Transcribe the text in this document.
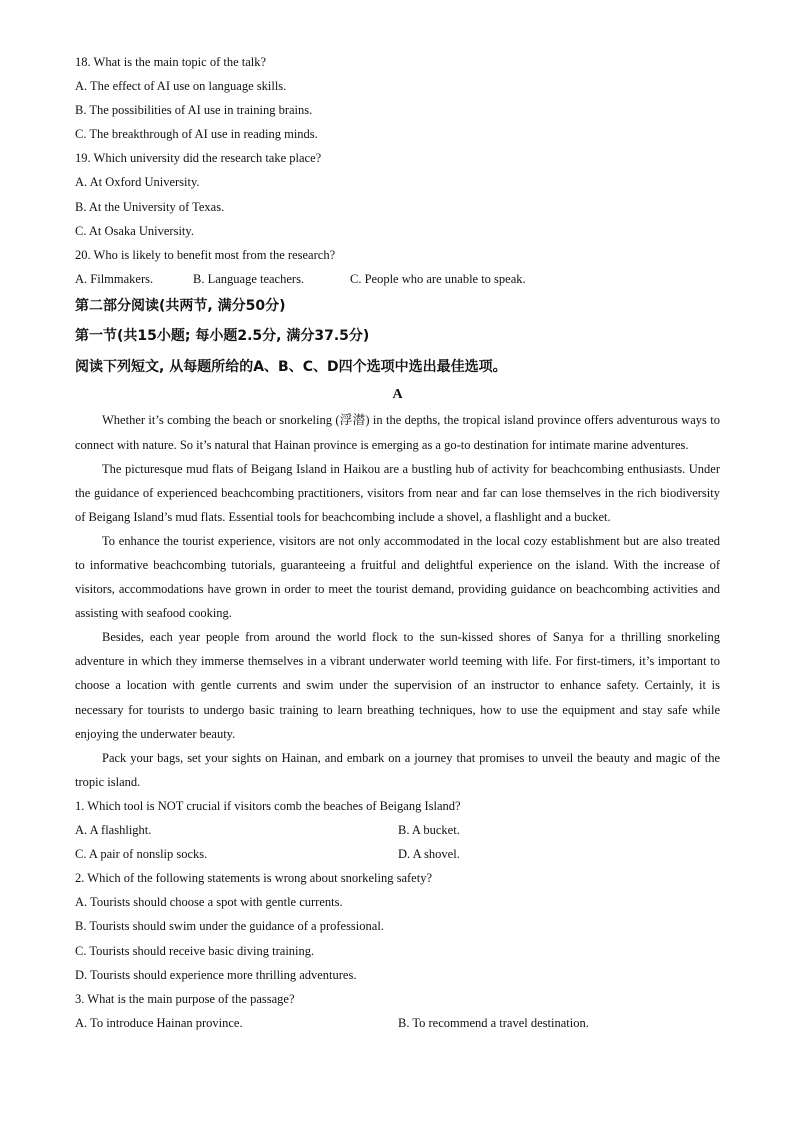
18. What is the main topic of the talk?
A. The effect of AI use on language skills.
B. The possibilities of AI use in training brains.
C. The breakthrough of AI use in reading minds.
19. Which university did the research take place?
A. At Oxford University.
B. At the University of Texas.
C. At Osaka University.
20. Who is likely to benefit most from the research?
A. Filmmakers.	B. Language teachers.	C. People who are unable to speak.
第二部分阅读(共两节, 满分50分)
第一节(共15小题; 每小题2.5分, 满分37.5分)
阅读下列短文, 从每题所给的A、B、C、D四个选项中选出最佳选项。
A

Whether it’s combing the beach or snorkeling (浮潜) in the depths, the tropical island province offers adventurous ways to connect with nature. So it’s natural that Hainan province is emerging as a go-to destination for intimate marine adventures.

The picturesque mud flats of Beigang Island in Haikou are a bustling hub of activity for beachcombing enthusiasts. Under the guidance of experienced beachcombing practitioners, visitors from near and far can lose themselves in the rich biodiversity of Beigang Island’s mud flats. Essential tools for beachcombing include a shovel, a flashlight and a bucket.

To enhance the tourist experience, visitors are not only accommodated in the local cozy establishment but are also treated to informative beachcombing tutorials, guaranteeing a fruitful and delightful experience on the island. With the increase of visitors, accommodations have grown in order to meet the tourist demand, providing guidance on beachcombing activities and assisting with seafood cooking.

Besides, each year people from around the world flock to the sun-kissed shores of Sanya for a thrilling snorkeling adventure in which they immerse themselves in a vibrant underwater world teeming with life. For first-timers, it’s important to choose a location with gentle currents and swim under the supervision of an instructor to enhance safety. Certainly, it is necessary for tourists to undergo basic training to learn breathing techniques, how to use the equipment and stay safe while enjoying the underwater beauty.

Pack your bags, set your sights on Hainan, and embark on a journey that promises to unveil the beauty and magic of the tropic island.

1. Which tool is NOT crucial if visitors comb the beaches of Beigang Island?
A. A flashlight.	B. A bucket.
C. A pair of nonslip socks.	D. A shovel.
2. Which of the following statements is wrong about snorkeling safety?
A. Tourists should choose a spot with gentle currents.
B. Tourists should swim under the guidance of a professional.
C. Tourists should receive basic diving training.
D. Tourists should experience more thrilling adventures.
3. What is the main purpose of the passage?
A. To introduce Hainan province.	B. To recommend a travel destination.
